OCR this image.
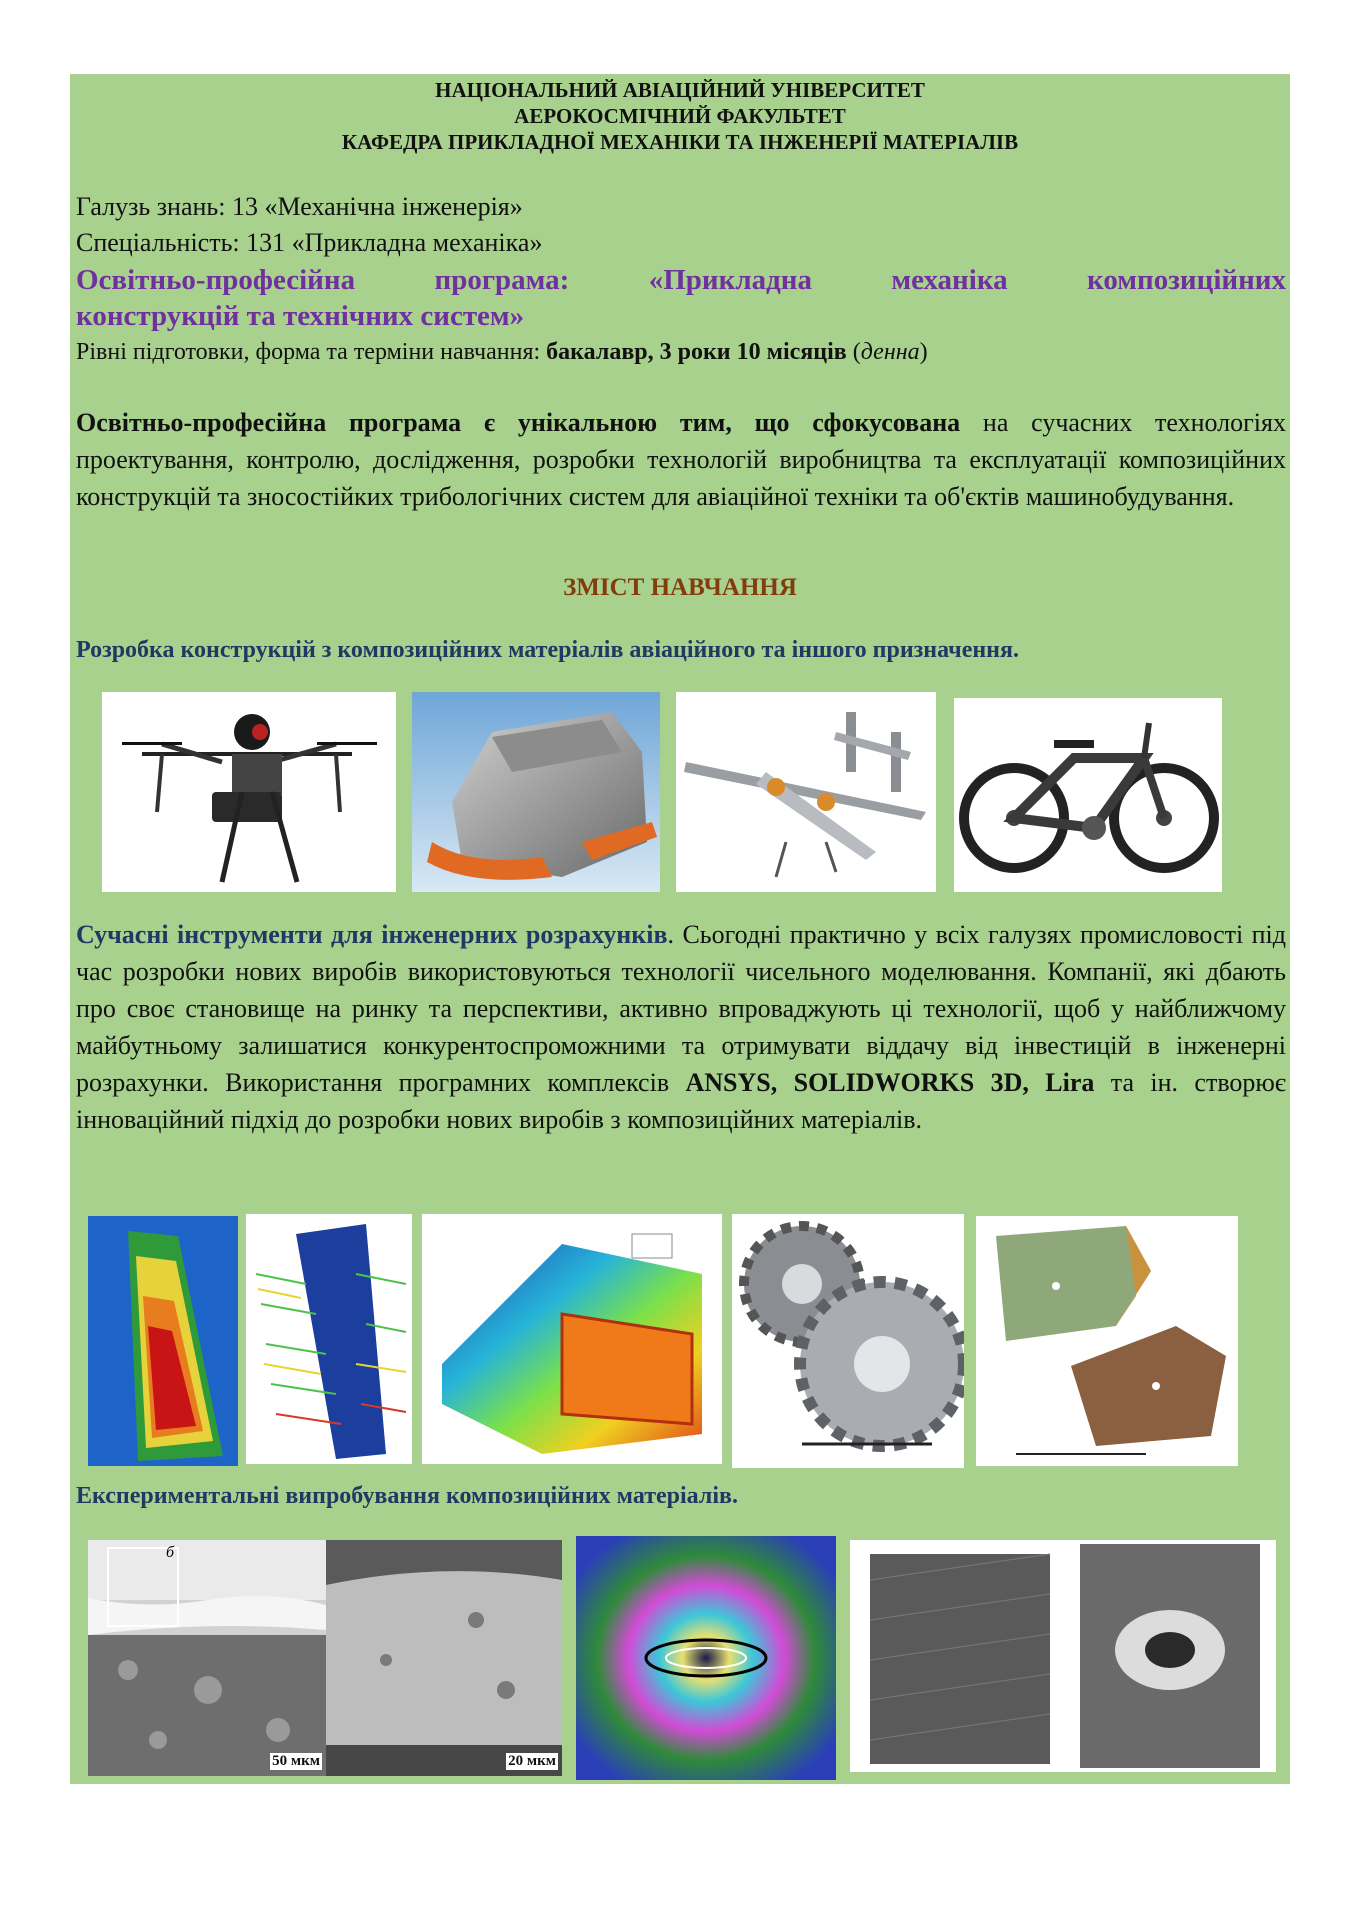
НАЦІОНАЛЬНИЙ АВІАЦІЙНИЙ УНІВЕРСИТЕТ
АЕРОКОСМІЧНИЙ ФАКУЛЬТЕТ
КАФЕДРА ПРИКЛАДНОЇ МЕХАНІКИ ТА ІНЖЕНЕРІЇ МАТЕРІАЛІВ
Галузь знань: 13 «Механічна інженерія»
Спеціальність: 131 «Прикладна механіка»
Освітньо-професійна програма: «Прикладна механіка композиційних
конструкцій та технічних систем»
Рівні підготовки, форма та терміни навчання: бакалавр, 3 роки 10 місяців (денна)
Освітньо-професійна програма є унікальною тим, що сфокусована на сучасних технологіях проектування, контролю, дослідження, розробки технологій виробництва та експлуатації композиційних конструкцій та зносостійких трибологічних систем для авіаційної техніки та об'єктів машинобудування.
ЗМІСТ НАВЧАННЯ
Розробка конструкцій з композиційних матеріалів авіаційного та іншого призначення.
Сучасні інструменти для інженерних розрахунків. Сьогодні практично у всіх галузях промисловості під час розробки нових виробів використовуються технології чисельного моделювання. Компанії, які дбають про своє становище на ринку та перспективи, активно впроваджують ці технології, щоб у найближчому майбутньому залишатися конкурентоспроможними та отримувати віддачу від інвестицій в інженерні розрахунки. Використання програмних комплексів ANSYS, SOLIDWORKS 3D, Lira та ін. створює інноваційний підхід до розробки нових виробів з композиційних матеріалів.
Експериментальні випробування композиційних матеріалів.
б
50 мкм	20 мкм
